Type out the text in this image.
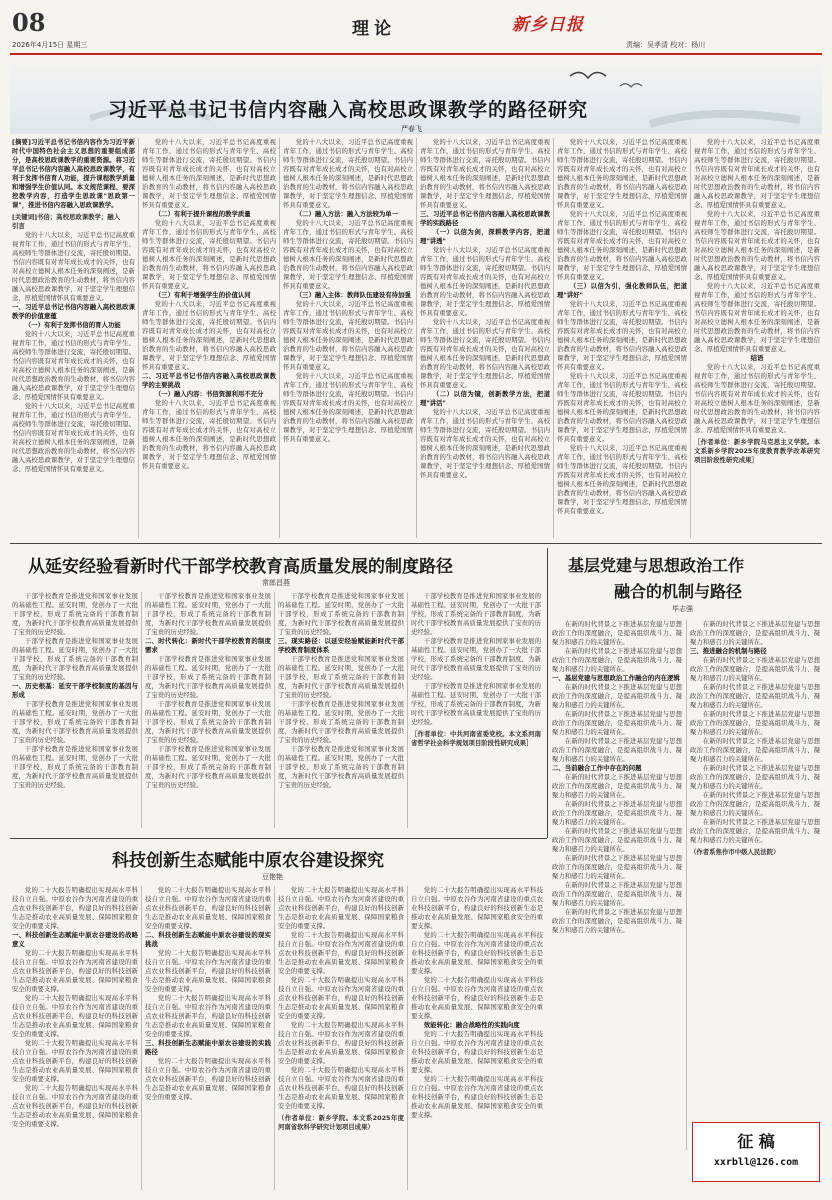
08	理论	新乡日报
2026年4月15日 星期三	责编：吴孝清 校对：杨川
习近平总书记书信内容融入高校思政课教学的路径研究
严春飞

[摘要]习近平总书记书信内容作为习近平新时代中国特色社会主义思想的重要组成部分，是高校思政课教学的重要资源。将习近平总书记书信内容融入高校思政课教学，有利于发挥书信育人功能，提升课程教学质量和增强学生价值认同。本文规范课程、要深挖教学内容，打造学生思政课"思政第一课"，推进书信内容融入思政课教学。

[关键词]书信；高校思政课教学；融入

引言

党的十八大以来，习近平总书记高度重视青年工作，通过书信的形式与青年学生、高校师生等群体进行交流，寄托殷切期望。书信内容既有对青年成长成才的关怀，也有对高校立德树人根本任务的深刻阐述，是新时代思想政治教育的生动教材，将书信内容融入高校思政课教学，对于坚定学生理想信念、厚植爱国情怀具有重要意义。

一、习近平总书记书信内容融入高校思政课教学的价值意蕴

（一）有利于发挥书信的育人功能

党的十八大以来，习近平总书记高度重视青年工作，通过书信的形式与青年学生、高校师生等群体进行交流，寄托殷切期望。书信内容既有对青年成长成才的关怀，也有对高校立德树人根本任务的深刻阐述，是新时代思想政治教育的生动教材，将书信内容融入高校思政课教学，对于坚定学生理想信念、厚植爱国情怀具有重要意义。

党的十八大以来，习近平总书记高度重视青年工作，通过书信的形式与青年学生、高校师生等群体进行交流，寄托殷切期望。书信内容既有对青年成长成才的关怀，也有对高校立德树人根本任务的深刻阐述，是新时代思想政治教育的生动教材，将书信内容融入高校思政课教学，对于坚定学生理想信念、厚植爱国情怀具有重要意义。

党的十八大以来，习近平总书记高度重视青年工作，通过书信的形式与青年学生、高校师生等群体进行交流，寄托殷切期望。书信内容既有对青年成长成才的关怀，也有对高校立德树人根本任务的深刻阐述，是新时代思想政治教育的生动教材，将书信内容融入高校思政课教学，对于坚定学生理想信念、厚植爱国情怀具有重要意义。

（二）有利于提升课程的教学质量

党的十八大以来，习近平总书记高度重视青年工作，通过书信的形式与青年学生、高校师生等群体进行交流，寄托殷切期望。书信内容既有对青年成长成才的关怀，也有对高校立德树人根本任务的深刻阐述，是新时代思想政治教育的生动教材，将书信内容融入高校思政课教学，对于坚定学生理想信念、厚植爱国情怀具有重要意义。

（三）有利于增强学生的价值认同

党的十八大以来，习近平总书记高度重视青年工作，通过书信的形式与青年学生、高校师生等群体进行交流，寄托殷切期望。书信内容既有对青年成长成才的关怀，也有对高校立德树人根本任务的深刻阐述，是新时代思想政治教育的生动教材，将书信内容融入高校思政课教学，对于坚定学生理想信念、厚植爱国情怀具有重要意义。

二、习近平总书记书信内容融入高校思政课教学的主要挑战

（一）融入内容：书信资源利用不充分

党的十八大以来，习近平总书记高度重视青年工作，通过书信的形式与青年学生、高校师生等群体进行交流，寄托殷切期望。书信内容既有对青年成长成才的关怀，也有对高校立德树人根本任务的深刻阐述，是新时代思想政治教育的生动教材，将书信内容融入高校思政课教学，对于坚定学生理想信念、厚植爱国情怀具有重要意义。

党的十八大以来，习近平总书记高度重视青年工作，通过书信的形式与青年学生、高校师生等群体进行交流，寄托殷切期望。书信内容既有对青年成长成才的关怀，也有对高校立德树人根本任务的深刻阐述，是新时代思想政治教育的生动教材，将书信内容融入高校思政课教学，对于坚定学生理想信念、厚植爱国情怀具有重要意义。

（二）融入方法：融入方法较为单一

党的十八大以来，习近平总书记高度重视青年工作，通过书信的形式与青年学生、高校师生等群体进行交流，寄托殷切期望。书信内容既有对青年成长成才的关怀，也有对高校立德树人根本任务的深刻阐述，是新时代思想政治教育的生动教材，将书信内容融入高校思政课教学，对于坚定学生理想信念、厚植爱国情怀具有重要意义。

（三）融入主体：教师队伍建设有待加强

党的十八大以来，习近平总书记高度重视青年工作，通过书信的形式与青年学生、高校师生等群体进行交流，寄托殷切期望。书信内容既有对青年成长成才的关怀，也有对高校立德树人根本任务的深刻阐述，是新时代思想政治教育的生动教材，将书信内容融入高校思政课教学，对于坚定学生理想信念、厚植爱国情怀具有重要意义。

党的十八大以来，习近平总书记高度重视青年工作，通过书信的形式与青年学生、高校师生等群体进行交流，寄托殷切期望。书信内容既有对青年成长成才的关怀，也有对高校立德树人根本任务的深刻阐述，是新时代思想政治教育的生动教材，将书信内容融入高校思政课教学，对于坚定学生理想信念、厚植爱国情怀具有重要意义。

党的十八大以来，习近平总书记高度重视青年工作，通过书信的形式与青年学生、高校师生等群体进行交流，寄托殷切期望。书信内容既有对青年成长成才的关怀，也有对高校立德树人根本任务的深刻阐述，是新时代思想政治教育的生动教材，将书信内容融入高校思政课教学，对于坚定学生理想信念、厚植爱国情怀具有重要意义。

三、习近平总书记书信内容融入高校思政课教学的实践路径

（一）以信为剑，深耕教学内容，把道理"讲透"

党的十八大以来，习近平总书记高度重视青年工作，通过书信的形式与青年学生、高校师生等群体进行交流，寄托殷切期望。书信内容既有对青年成长成才的关怀，也有对高校立德树人根本任务的深刻阐述，是新时代思想政治教育的生动教材，将书信内容融入高校思政课教学，对于坚定学生理想信念、厚植爱国情怀具有重要意义。

党的十八大以来，习近平总书记高度重视青年工作，通过书信的形式与青年学生、高校师生等群体进行交流，寄托殷切期望。书信内容既有对青年成长成才的关怀，也有对高校立德树人根本任务的深刻阐述，是新时代思想政治教育的生动教材，将书信内容融入高校思政课教学，对于坚定学生理想信念、厚植爱国情怀具有重要意义。

（二）以信为镜，创新教学方法，把道理"讲活"

党的十八大以来，习近平总书记高度重视青年工作，通过书信的形式与青年学生、高校师生等群体进行交流，寄托殷切期望。书信内容既有对青年成长成才的关怀，也有对高校立德树人根本任务的深刻阐述，是新时代思想政治教育的生动教材，将书信内容融入高校思政课教学，对于坚定学生理想信念、厚植爱国情怀具有重要意义。

党的十八大以来，习近平总书记高度重视青年工作，通过书信的形式与青年学生、高校师生等群体进行交流，寄托殷切期望。书信内容既有对青年成长成才的关怀，也有对高校立德树人根本任务的深刻阐述，是新时代思想政治教育的生动教材，将书信内容融入高校思政课教学，对于坚定学生理想信念、厚植爱国情怀具有重要意义。

党的十八大以来，习近平总书记高度重视青年工作，通过书信的形式与青年学生、高校师生等群体进行交流，寄托殷切期望。书信内容既有对青年成长成才的关怀，也有对高校立德树人根本任务的深刻阐述，是新时代思想政治教育的生动教材，将书信内容融入高校思政课教学，对于坚定学生理想信念、厚植爱国情怀具有重要意义。

（三）以信为引，强化教师队伍，把道理"讲好"

党的十八大以来，习近平总书记高度重视青年工作，通过书信的形式与青年学生、高校师生等群体进行交流，寄托殷切期望。书信内容既有对青年成长成才的关怀，也有对高校立德树人根本任务的深刻阐述，是新时代思想政治教育的生动教材，将书信内容融入高校思政课教学，对于坚定学生理想信念、厚植爱国情怀具有重要意义。

党的十八大以来，习近平总书记高度重视青年工作，通过书信的形式与青年学生、高校师生等群体进行交流，寄托殷切期望。书信内容既有对青年成长成才的关怀，也有对高校立德树人根本任务的深刻阐述，是新时代思想政治教育的生动教材，将书信内容融入高校思政课教学，对于坚定学生理想信念、厚植爱国情怀具有重要意义。

党的十八大以来，习近平总书记高度重视青年工作，通过书信的形式与青年学生、高校师生等群体进行交流，寄托殷切期望。书信内容既有对青年成长成才的关怀，也有对高校立德树人根本任务的深刻阐述，是新时代思想政治教育的生动教材，将书信内容融入高校思政课教学，对于坚定学生理想信念、厚植爱国情怀具有重要意义。

党的十八大以来，习近平总书记高度重视青年工作，通过书信的形式与青年学生、高校师生等群体进行交流，寄托殷切期望。书信内容既有对青年成长成才的关怀，也有对高校立德树人根本任务的深刻阐述，是新时代思想政治教育的生动教材，将书信内容融入高校思政课教学，对于坚定学生理想信念、厚植爱国情怀具有重要意义。

党的十八大以来，习近平总书记高度重视青年工作，通过书信的形式与青年学生、高校师生等群体进行交流，寄托殷切期望。书信内容既有对青年成长成才的关怀，也有对高校立德树人根本任务的深刻阐述，是新时代思想政治教育的生动教材，将书信内容融入高校思政课教学，对于坚定学生理想信念、厚植爱国情怀具有重要意义。

党的十八大以来，习近平总书记高度重视青年工作，通过书信的形式与青年学生、高校师生等群体进行交流，寄托殷切期望。书信内容既有对青年成长成才的关怀，也有对高校立德树人根本任务的深刻阐述，是新时代思想政治教育的生动教材，将书信内容融入高校思政课教学，对于坚定学生理想信念、厚植爱国情怀具有重要意义。

结语

党的十八大以来，习近平总书记高度重视青年工作，通过书信的形式与青年学生、高校师生等群体进行交流，寄托殷切期望。书信内容既有对青年成长成才的关怀，也有对高校立德树人根本任务的深刻阐述，是新时代思想政治教育的生动教材，将书信内容融入高校思政课教学，对于坚定学生理想信念、厚植爱国情怀具有重要意义。

［作者单位：新乡学院马克思主义学院。本文系新乡学院2025年度教育教学改革研究项目阶段性研究成果］

从延安经验看新时代干部学校教育高质量发展的制度路径
常郎昌燕

干部学校教育是推进党和国家事业发展的基础性工程。延安时期，党创办了一大批干部学校，形成了系统完备的干部教育制度，为新时代干部学校教育高质量发展提供了宝贵的历史经验。

干部学校教育是推进党和国家事业发展的基础性工程。延安时期，党创办了一大批干部学校，形成了系统完备的干部教育制度，为新时代干部学校教育高质量发展提供了宝贵的历史经验。

一、历史根基：延安干部学校制度的基因与形成

干部学校教育是推进党和国家事业发展的基础性工程。延安时期，党创办了一大批干部学校，形成了系统完备的干部教育制度，为新时代干部学校教育高质量发展提供了宝贵的历史经验。

干部学校教育是推进党和国家事业发展的基础性工程。延安时期，党创办了一大批干部学校，形成了系统完备的干部教育制度，为新时代干部学校教育高质量发展提供了宝贵的历史经验。

干部学校教育是推进党和国家事业发展的基础性工程。延安时期，党创办了一大批干部学校，形成了系统完备的干部教育制度，为新时代干部学校教育高质量发展提供了宝贵的历史经验。

二、时代转化：新时代干部学校教育的制度需求

干部学校教育是推进党和国家事业发展的基础性工程。延安时期，党创办了一大批干部学校，形成了系统完备的干部教育制度，为新时代干部学校教育高质量发展提供了宝贵的历史经验。

干部学校教育是推进党和国家事业发展的基础性工程。延安时期，党创办了一大批干部学校，形成了系统完备的干部教育制度，为新时代干部学校教育高质量发展提供了宝贵的历史经验。

干部学校教育是推进党和国家事业发展的基础性工程。延安时期，党创办了一大批干部学校，形成了系统完备的干部教育制度，为新时代干部学校教育高质量发展提供了宝贵的历史经验。

干部学校教育是推进党和国家事业发展的基础性工程。延安时期，党创办了一大批干部学校，形成了系统完备的干部教育制度，为新时代干部学校教育高质量发展提供了宝贵的历史经验。

三、现实路径：以延安经验赋能新时代干部学校教育制度体系

干部学校教育是推进党和国家事业发展的基础性工程。延安时期，党创办了一大批干部学校，形成了系统完备的干部教育制度，为新时代干部学校教育高质量发展提供了宝贵的历史经验。

干部学校教育是推进党和国家事业发展的基础性工程。延安时期，党创办了一大批干部学校，形成了系统完备的干部教育制度，为新时代干部学校教育高质量发展提供了宝贵的历史经验。

干部学校教育是推进党和国家事业发展的基础性工程。延安时期，党创办了一大批干部学校，形成了系统完备的干部教育制度，为新时代干部学校教育高质量发展提供了宝贵的历史经验。

干部学校教育是推进党和国家事业发展的基础性工程。延安时期，党创办了一大批干部学校，形成了系统完备的干部教育制度，为新时代干部学校教育高质量发展提供了宝贵的历史经验。

干部学校教育是推进党和国家事业发展的基础性工程。延安时期，党创办了一大批干部学校，形成了系统完备的干部教育制度，为新时代干部学校教育高质量发展提供了宝贵的历史经验。

干部学校教育是推进党和国家事业发展的基础性工程。延安时期，党创办了一大批干部学校，形成了系统完备的干部教育制度，为新时代干部学校教育高质量发展提供了宝贵的历史经验。

［作者单位：中共河南省委党校。本文系河南省哲学社会科学规划项目阶段性研究成果］

基层党建与思想政治工作
融合的机制与路径
毕志强

在新的时代背景之下推进基层党建与思想政治工作的深度融合，是提高组织战斗力、凝聚力和感召力的关键所在。

在新的时代背景之下推进基层党建与思想政治工作的深度融合，是提高组织战斗力、凝聚力和感召力的关键所在。

一、基层党建与思想政治工作融合的内在逻辑

在新的时代背景之下推进基层党建与思想政治工作的深度融合，是提高组织战斗力、凝聚力和感召力的关键所在。

在新的时代背景之下推进基层党建与思想政治工作的深度融合，是提高组织战斗力、凝聚力和感召力的关键所在。

在新的时代背景之下推进基层党建与思想政治工作的深度融合，是提高组织战斗力、凝聚力和感召力的关键所在。

二、当前融合工作中存在的问题

在新的时代背景之下推进基层党建与思想政治工作的深度融合，是提高组织战斗力、凝聚力和感召力的关键所在。

在新的时代背景之下推进基层党建与思想政治工作的深度融合，是提高组织战斗力、凝聚力和感召力的关键所在。

在新的时代背景之下推进基层党建与思想政治工作的深度融合，是提高组织战斗力、凝聚力和感召力的关键所在。

在新的时代背景之下推进基层党建与思想政治工作的深度融合，是提高组织战斗力、凝聚力和感召力的关键所在。

在新的时代背景之下推进基层党建与思想政治工作的深度融合，是提高组织战斗力、凝聚力和感召力的关键所在。

在新的时代背景之下推进基层党建与思想政治工作的深度融合，是提高组织战斗力、凝聚力和感召力的关键所在。

在新的时代背景之下推进基层党建与思想政治工作的深度融合，是提高组织战斗力、凝聚力和感召力的关键所在。

三、推进融合的机制与路径

在新的时代背景之下推进基层党建与思想政治工作的深度融合，是提高组织战斗力、凝聚力和感召力的关键所在。

在新的时代背景之下推进基层党建与思想政治工作的深度融合，是提高组织战斗力、凝聚力和感召力的关键所在。

在新的时代背景之下推进基层党建与思想政治工作的深度融合，是提高组织战斗力、凝聚力和感召力的关键所在。

在新的时代背景之下推进基层党建与思想政治工作的深度融合，是提高组织战斗力、凝聚力和感召力的关键所在。

在新的时代背景之下推进基层党建与思想政治工作的深度融合，是提高组织战斗力、凝聚力和感召力的关键所在。

在新的时代背景之下推进基层党建与思想政治工作的深度融合，是提高组织战斗力、凝聚力和感召力的关键所在。

在新的时代背景之下推进基层党建与思想政治工作的深度融合，是提高组织战斗力、凝聚力和感召力的关键所在。

（作者系焦作市中级人民法院）

征 稿
xxrbll@126.com
科技创新生态赋能中原农谷建设探究
豆艳艳

党的二十大报告明确提出实现高水平科技自立自强。中原农谷作为河南省建设的重点农业科技创新平台，构建良好的科技创新生态是推动农业高质量发展、保障国家粮食安全的重要支撑。

一、科技创新生态赋能中原农谷建设的战略意义

党的二十大报告明确提出实现高水平科技自立自强。中原农谷作为河南省建设的重点农业科技创新平台，构建良好的科技创新生态是推动农业高质量发展、保障国家粮食安全的重要支撑。

党的二十大报告明确提出实现高水平科技自立自强。中原农谷作为河南省建设的重点农业科技创新平台，构建良好的科技创新生态是推动农业高质量发展、保障国家粮食安全的重要支撑。

党的二十大报告明确提出实现高水平科技自立自强。中原农谷作为河南省建设的重点农业科技创新平台，构建良好的科技创新生态是推动农业高质量发展、保障国家粮食安全的重要支撑。

党的二十大报告明确提出实现高水平科技自立自强。中原农谷作为河南省建设的重点农业科技创新平台，构建良好的科技创新生态是推动农业高质量发展、保障国家粮食安全的重要支撑。

党的二十大报告明确提出实现高水平科技自立自强。中原农谷作为河南省建设的重点农业科技创新平台，构建良好的科技创新生态是推动农业高质量发展、保障国家粮食安全的重要支撑。

二、科技创新生态赋能中原农谷建设的现实挑战

党的二十大报告明确提出实现高水平科技自立自强。中原农谷作为河南省建设的重点农业科技创新平台，构建良好的科技创新生态是推动农业高质量发展、保障国家粮食安全的重要支撑。

党的二十大报告明确提出实现高水平科技自立自强。中原农谷作为河南省建设的重点农业科技创新平台，构建良好的科技创新生态是推动农业高质量发展、保障国家粮食安全的重要支撑。

三、科技创新生态赋能中原农谷建设的实践路径

党的二十大报告明确提出实现高水平科技自立自强。中原农谷作为河南省建设的重点农业科技创新平台，构建良好的科技创新生态是推动农业高质量发展、保障国家粮食安全的重要支撑。

党的二十大报告明确提出实现高水平科技自立自强。中原农谷作为河南省建设的重点农业科技创新平台，构建良好的科技创新生态是推动农业高质量发展、保障国家粮食安全的重要支撑。

党的二十大报告明确提出实现高水平科技自立自强。中原农谷作为河南省建设的重点农业科技创新平台，构建良好的科技创新生态是推动农业高质量发展、保障国家粮食安全的重要支撑。

党的二十大报告明确提出实现高水平科技自立自强。中原农谷作为河南省建设的重点农业科技创新平台，构建良好的科技创新生态是推动农业高质量发展、保障国家粮食安全的重要支撑。

党的二十大报告明确提出实现高水平科技自立自强。中原农谷作为河南省建设的重点农业科技创新平台，构建良好的科技创新生态是推动农业高质量发展、保障国家粮食安全的重要支撑。

党的二十大报告明确提出实现高水平科技自立自强。中原农谷作为河南省建设的重点农业科技创新平台，构建良好的科技创新生态是推动农业高质量发展、保障国家粮食安全的重要支撑。

（作者单位：新乡学院。本文系2025年度河南省软科学研究计划项目成果）

党的二十大报告明确提出实现高水平科技自立自强。中原农谷作为河南省建设的重点农业科技创新平台，构建良好的科技创新生态是推动农业高质量发展、保障国家粮食安全的重要支撑。

党的二十大报告明确提出实现高水平科技自立自强。中原农谷作为河南省建设的重点农业科技创新平台，构建良好的科技创新生态是推动农业高质量发展、保障国家粮食安全的重要支撑。

党的二十大报告明确提出实现高水平科技自立自强。中原农谷作为河南省建设的重点农业科技创新平台，构建良好的科技创新生态是推动农业高质量发展、保障国家粮食安全的重要支撑。

效能转化：融合战略性的实践向度

党的二十大报告明确提出实现高水平科技自立自强。中原农谷作为河南省建设的重点农业科技创新平台，构建良好的科技创新生态是推动农业高质量发展、保障国家粮食安全的重要支撑。

党的二十大报告明确提出实现高水平科技自立自强。中原农谷作为河南省建设的重点农业科技创新平台，构建良好的科技创新生态是推动农业高质量发展、保障国家粮食安全的重要支撑。
